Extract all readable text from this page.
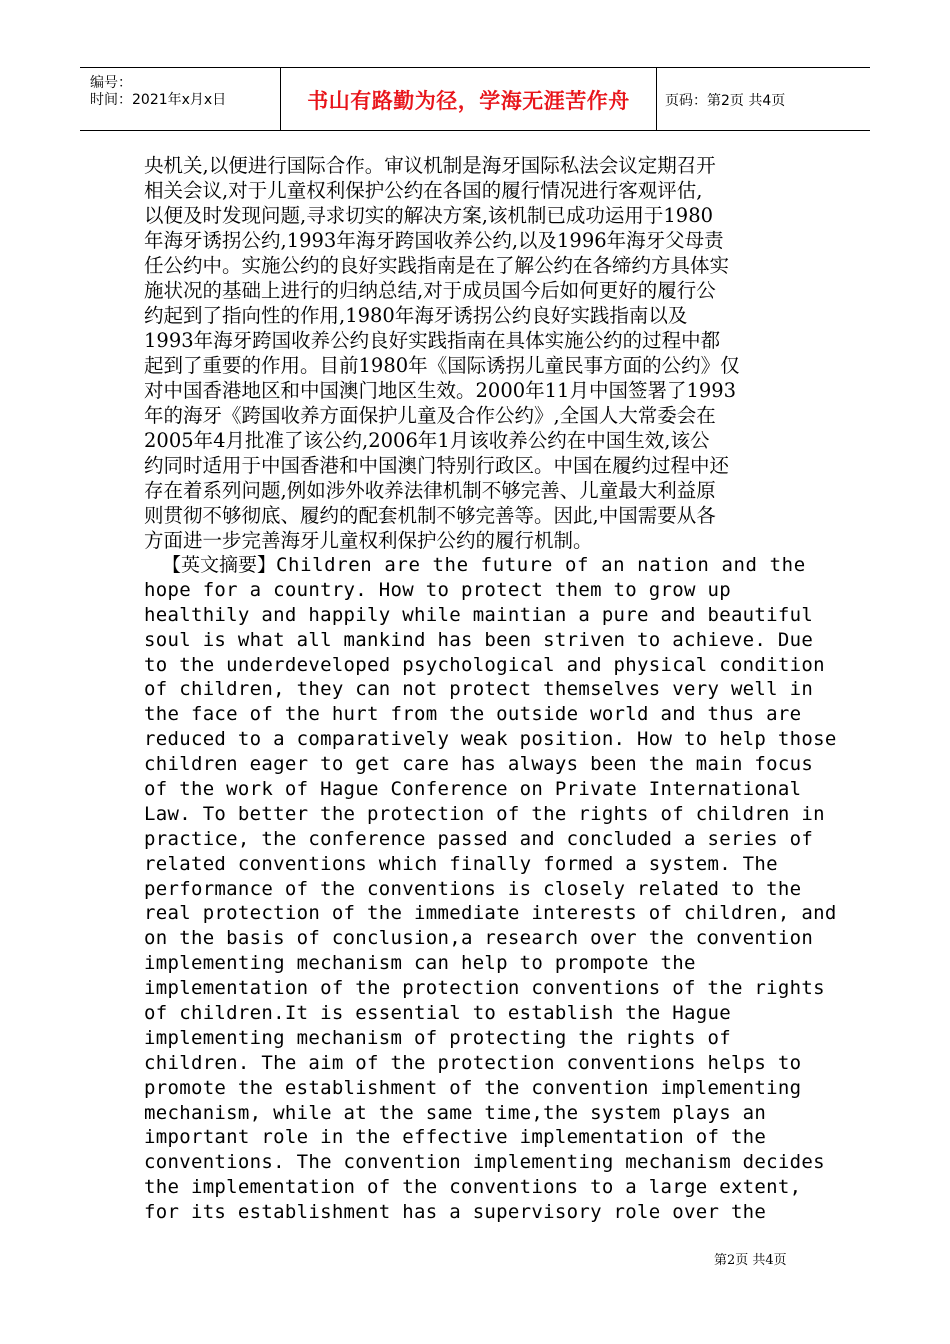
编号：
时间：2021年x月x日	书山有路勤为径，学海无涯苦作舟	页码：第2页 共4页
央机关,以便进行国际合作。审议机制是海牙国际私法会议定期召开
相关会议,对于儿童权利保护公约在各国的履行情况进行客观评估,
以便及时发现问题,寻求切实的解决方案,该机制已成功运用于1980
年海牙诱拐公约,1993年海牙跨国收养公约,以及1996年海牙父母责
任公约中。实施公约的良好实践指南是在了解公约在各缔约方具体实
施状况的基础上进行的归纳总结,对于成员国今后如何更好的履行公
约起到了指向性的作用,1980年海牙诱拐公约良好实践指南以及
1993年海牙跨国收养公约良好实践指南在具体实施公约的过程中都
起到了重要的作用。目前1980年《国际诱拐儿童民事方面的公约》仅
对中国香港地区和中国澳门地区生效。2000年11月中国签署了1993
年的海牙《跨国收养方面保护儿童及合作公约》,全国人大常委会在
2005年4月批准了该公约,2006年1月该收养公约在中国生效,该公
约同时适用于中国香港和中国澳门特别行政区。中国在履约过程中还
存在着系列问题,例如涉外收养法律机制不够完善、儿童最大利益原
则贯彻不够彻底、履约的配套机制不够完善等。因此,中国需要从各
方面进一步完善海牙儿童权利保护公约的履行机制。
【英文摘要】Children are the future of an nation and the
hope for a country. How to protect them to grow up
healthily and happily while maintian a pure and beautiful
soul is what all mankind has been striven to achieve. Due
to the underdeveloped psychological and physical condition
of children, they can not protect themselves very well in
the face of the hurt from the outside world and thus are
reduced to a comparatively weak position. How to help those
children eager to get care has always been the main focus
of the work of Hague Conference on Private International
Law. To better the protection of the rights of children in
practice, the conference passed and concluded a series of
related conventions which finally formed a system. The
performance of the conventions is closely related to the
real protection of the immediate interests of children, and
on the basis of conclusion,a research over the convention
implementing mechanism can help to prompote the
implementation of the protection conventions of the rights
of children.It is essential to establish the Hague
implementing mechanism of protecting the rights of
children. The aim of the protection conventions helps to
promote the establishment of the convention implementing
mechanism, while at the same time,the system plays an
important role in the effective implementation of the
conventions. The convention implementing mechanism decides
the implementation of the conventions to a large extent,
for its establishment has a supervisory role over the
第2页 共4页
